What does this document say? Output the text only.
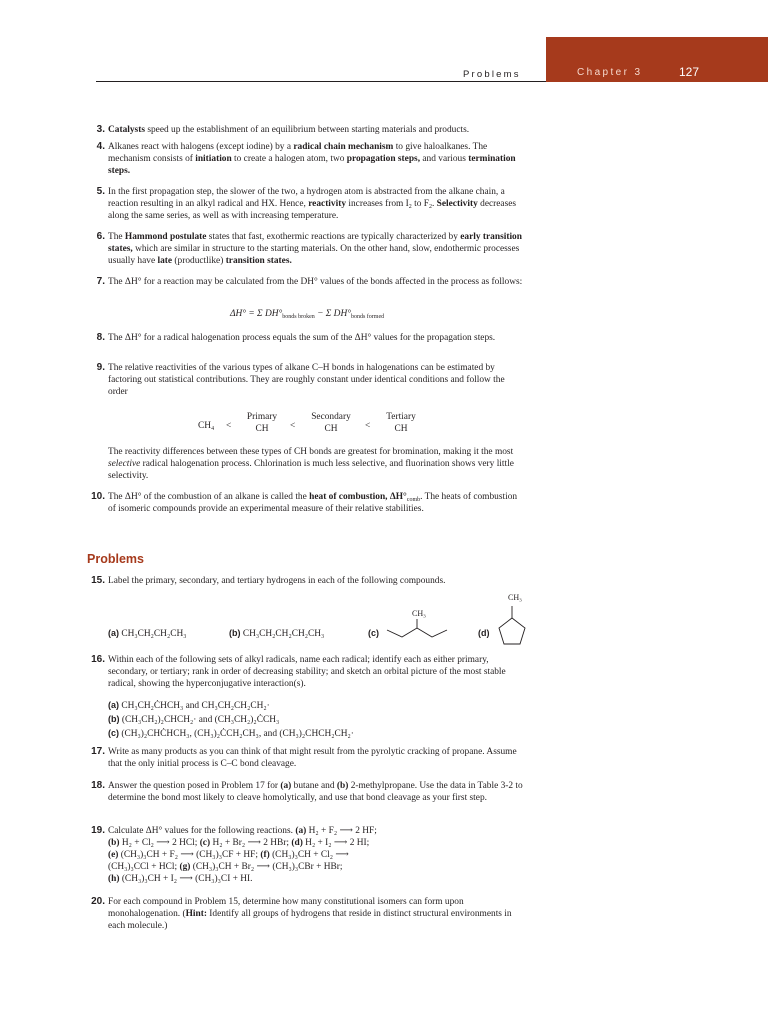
Problems	Chapter 3	127
3. Catalysts speed up the establishment of an equilibrium between starting materials and products.

4. Alkanes react with halogens (except iodine) by a radical chain mechanism to give haloalkanes. The mechanism consists of initiation to create a halogen atom, two propagation steps, and various termination steps.

5. In the first propagation step, the slower of the two, a hydrogen atom is abstracted from the alkane chain, a reaction resulting in an alkyl radical and HX. Hence, reactivity increases from $I_2$ to $F_2$. Selectivity decreases along the same series, as well as with increasing temperature.

6. The Hammond postulate states that fast, exothermic reactions are typically characterized by early transition states, which are similar in structure to the starting materials. On the other hand, slow, endothermic processes usually have late (productlike) transition states.

7. The ΔH° for a reaction may be calculated from the DH° values of the bonds affected in the process as follows:

ΔH° = Σ $DH^\circ_{bonds broken} - \Sigma$ $DH^\circ_{bonds formed}$
8. The ΔH° for a radical halogenation process equals the sum of the ΔH° values for the propagation steps.

9. The relative reactivities of the various types of alkane C–H bonds in halogenations can be estimated by factoring out statistical contributions. They are roughly constant under identical conditions and follow the order

CH₄ <
Primary
CH	<
Secondary
CH	<
Tertiary
CH

The reactivity differences between these types of CH bonds are greatest for bromination, making it the most selective radical halogenation process. Chlorination is much less selective, and fluorination shows very little selectivity.

10. The ΔH° of the combustion of an alkane is called the heat of combustion, $\Delta H^\circ_{comb}$. The heats of combustion of isomeric compounds provide an experimental measure of their relative stabilities.

Problems
15. Label the primary, secondary, and tertiary hydrogens in each of the following compounds.

(a) CH₃CH₂CH₂CH₃	(b) CH₃CH₂CH₂CH₂CH₃	(c)
CH₃
(d)
CH₃
16. Within each of the following sets of alkyl radicals, name each radical; identify each as either primary, secondary, or tertiary; rank in order of decreasing stability; and sketch an orbital picture of the most stable radical, showing the hyperconjugative interaction(s).

(a) CH₃CH₂ĊHCH₃ and CH₃CH₂CH₂CH₂·
(b) (CH₃CH₂)₂CHCH₂· and (CH₃CH₂)₂ĊCH₃
(c) (CH₃)₂CHĊHCH₃, (CH₃)₂ĊCH₂CH₃, and (CH₃)₂CHCH₂CH₂·
17. Write as many products as you can think of that might result from the pyrolytic cracking of propane. Assume that the only initial process is C–C bond cleavage.

18. Answer the question posed in Problem 17 for (a) butane and (b) 2-methylpropane. Use the data in Table 3-2 to determine the bond most likely to cleave homolytically, and use that bond cleavage as your first step.

19. Calculate ΔH° values for the following reactions. (a) H₂ + F₂ ⟶ 2 HF;

(b) H₂ + Cl₂ ⟶ 2 HCl; (c) H₂ + Br₂ ⟶ 2 HBr; (d) H₂ + I₂ ⟶ 2 HI;

(e) (CH₃)₃CH + F₂ ⟶ (CH₃)₃CF + HF; (f) (CH₃)₃CH + Cl₂ ⟶

(CH₃)₃CCl + HCl; (g) (CH₃)₃CH + Br₂ ⟶ (CH₃)₃CBr + HBr;

(h) (CH₃)₃CH + I₂ ⟶ (CH₃)₃CI + HI.

20. For each compound in Problem 15, determine how many constitutional isomers can form upon monohalogenation. (Hint: Identify all groups of hydrogens that reside in distinct structural environments in each molecule.)
